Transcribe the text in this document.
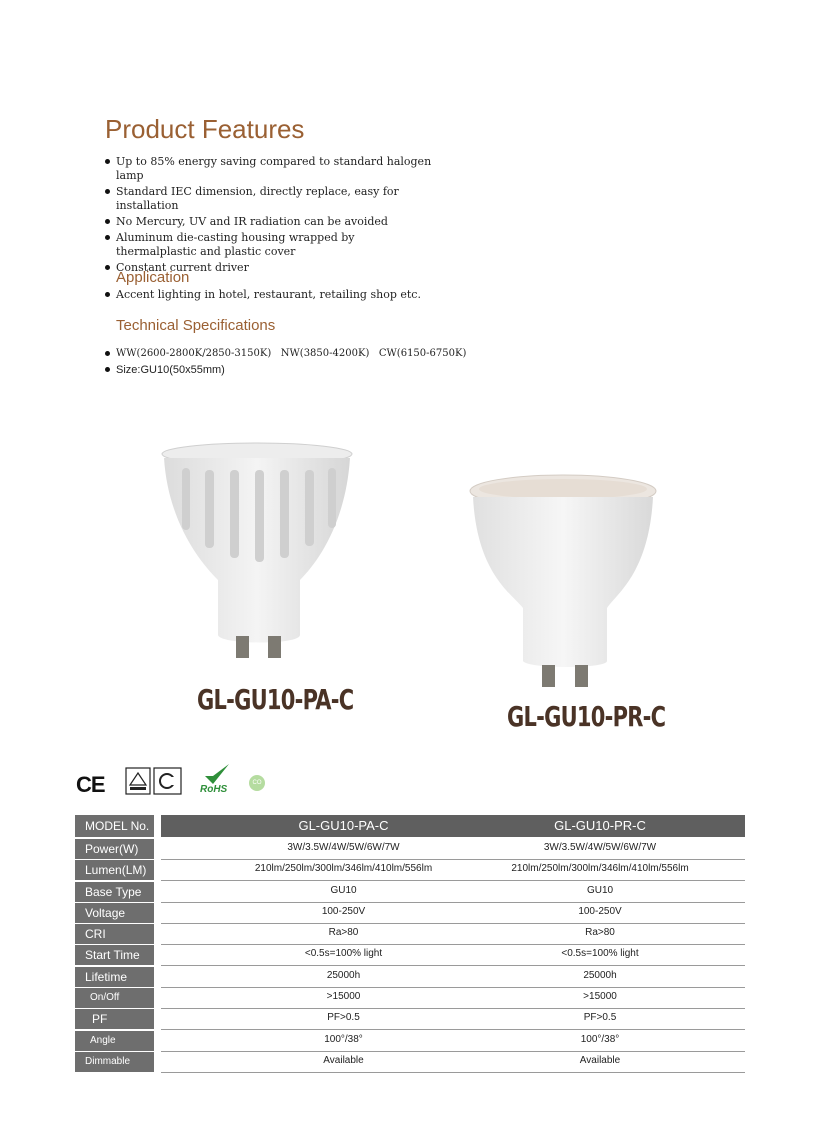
Product Features
Up to 85% energy saving compared to standard halogen lamp
Standard IEC dimension, directly replace, easy for installation
No Mercury, UV and IR radiation can be avoided
Aluminum die-casting housing wrapped by thermalplastic and plastic cover
Constant current driver
Application
Accent lighting in hotel, restaurant, retailing shop etc.
Technical Specifications
WW(2600-2800K/2850-3150K)   NW(3850-4200K)   CW(6150-6750K)
Size:GU10(50x55mm)
GL-GU10-PA-C
GL-GU10-PR-C
CE	RoHS
CO
MODEL No.	GL-GU10-PA-C	GL-GU10-PR-C
Power(W)	3W/3.5W/4W/5W/6W/7W	3W/3.5W/4W/5W/6W/7W
Lumen(LM)	210lm/250lm/300lm/346lm/410lm/556lm	210lm/250lm/300lm/346lm/410lm/556lm
Base Type	GU10	GU10
Voltage	100-250V	100-250V
CRI	Ra>80	Ra>80
Start Time	<0.5s=100% light	<0.5s=100% light
Lifetime	25000h	25000h
On/Off	>15000	>15000
PF	PF>0.5	PF>0.5
Angle	100°/38°	100°/38°
Dimmable	Available	Available
